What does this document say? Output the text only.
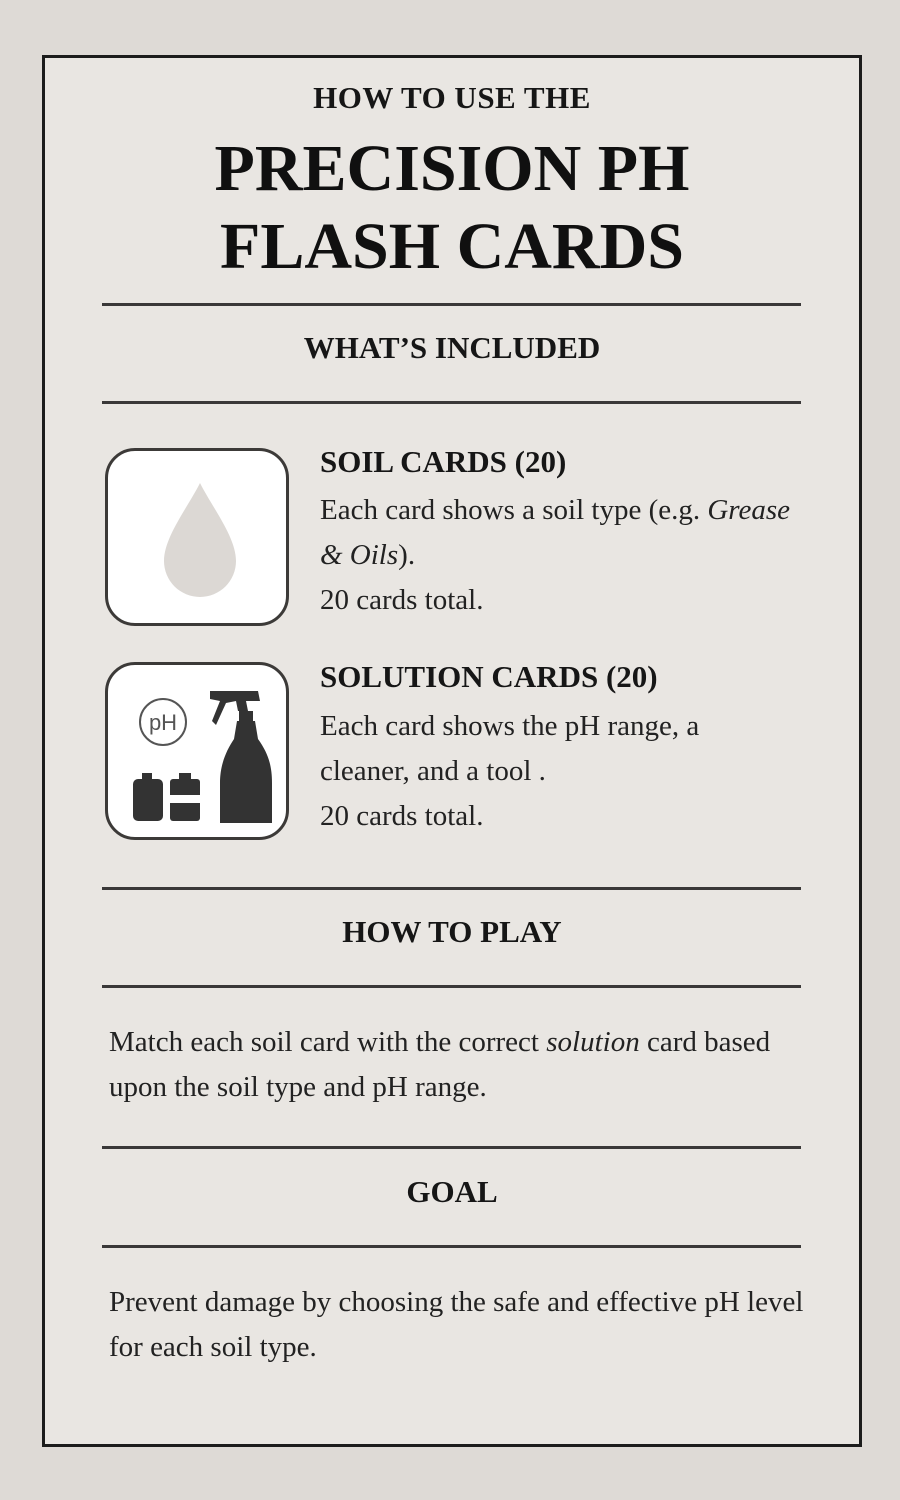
HOW TO USE THE
PRECISION PH
FLASH CARDS
WHAT’S INCLUDED
SOIL CARDS (20)

Each card shows a soil type (e.g. Grease & Oils).

20 cards total.

pH
SOLUTION CARDS (20)

Each card shows the pH range, a cleaner, and a tool .

20 cards total.

HOW TO PLAY
Match each soil card with the correct solution card based upon the soil type and pH range.
GOAL
Prevent damage by choosing the safe and effective pH level for each soil type.
